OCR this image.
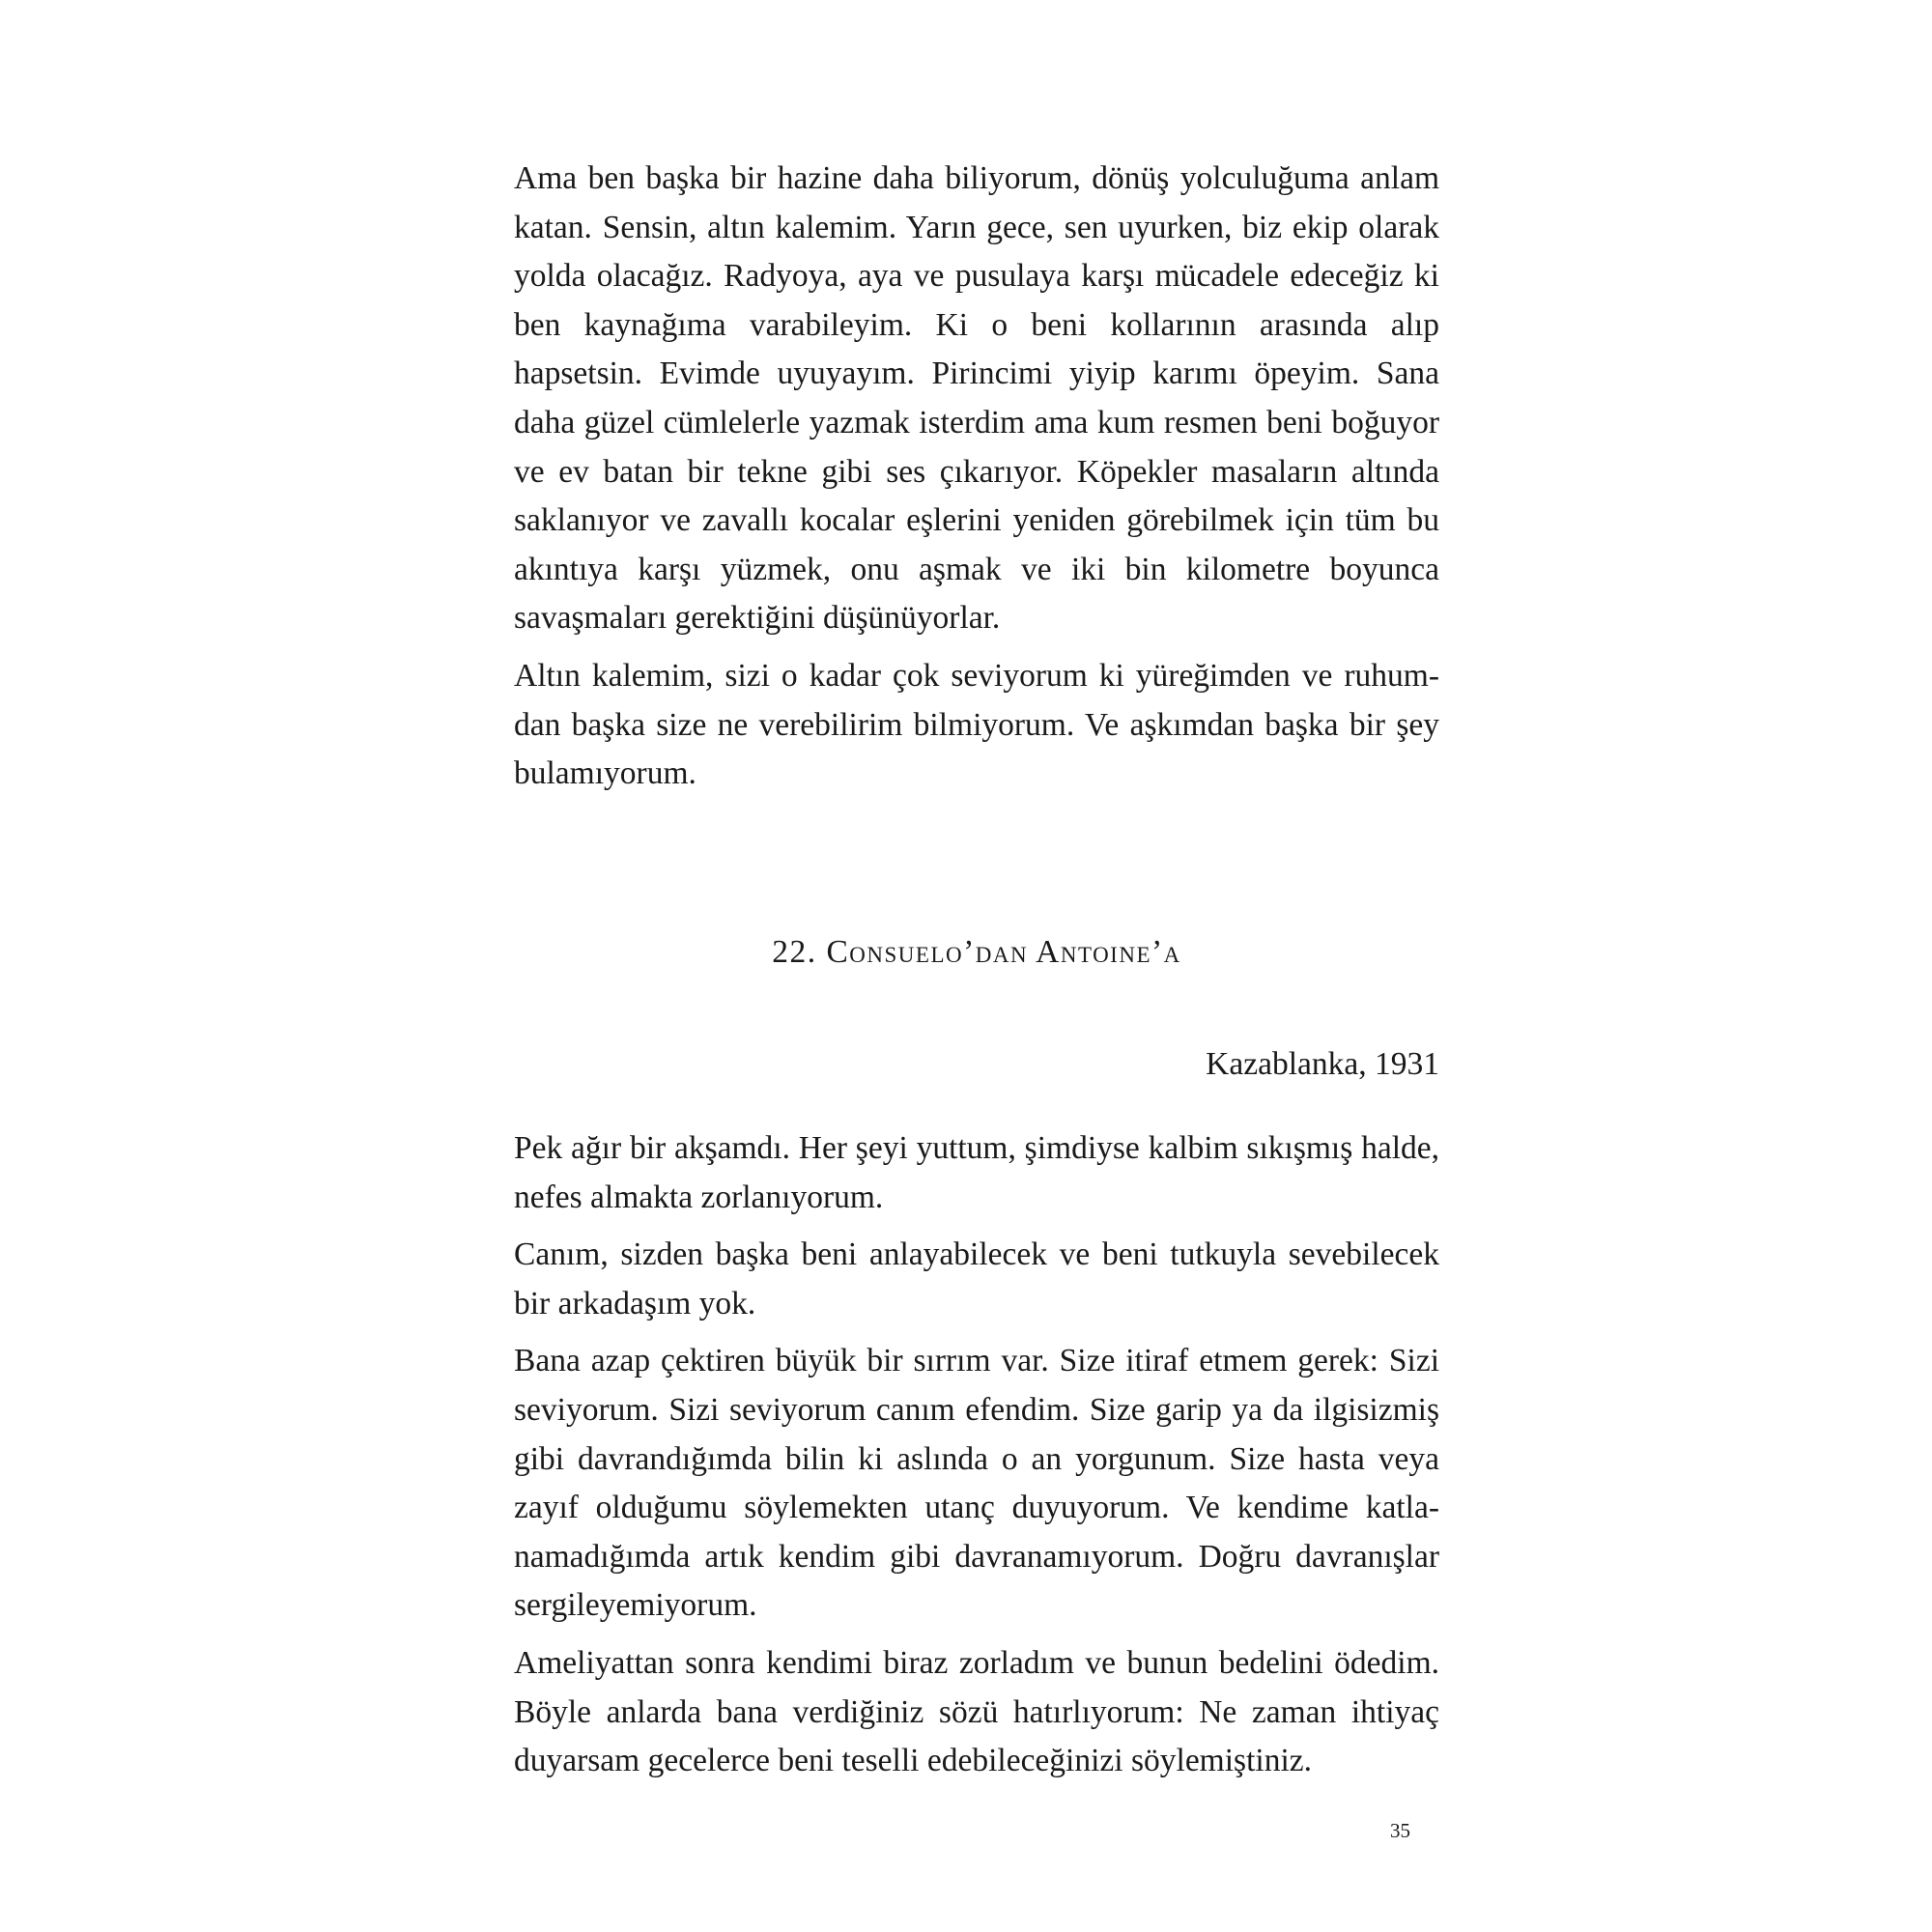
Ama ben başka bir hazine daha biliyorum, dönüş yolculuğuma anlam katan. Sensin, altın kalemim. Yarın gece, sen uyurken, biz ekip olarak yolda olacağız. Radyoya, aya ve pusulaya karşı mücadele edeceğiz ki ben kaynağıma varabileyim. Ki o beni kollarının arasında alıp hapsetsin. Evimde uyuyayım. Pirincimi yiyip karımı öpeyim. Sana daha güzel cümlelerle yazmak isterdim ama kum resmen beni boğuyor ve ev batan bir tekne gibi ses çıkarıyor. Köpekler masaların altında saklanıyor ve zavallı kocalar eşlerini yeniden görebilmek için tüm bu akıntıya karşı yüzmek, onu aşmak ve iki bin kilometre boyunca savaşmaları gerektiğini düşünüyorlar.

Altın kalemim, sizi o kadar çok seviyorum ki yüreğimden ve ruhumdan başka size ne verebilirim bilmiyorum. Ve aşkımdan başka bir şey bulamıyorum.

22. Consuelo’dan Antoine’a
Kazablanka, 1931

Pek ağır bir akşamdı. Her şeyi yuttum, şimdiyse kalbim sıkışmış halde, nefes almakta zorlanıyorum.

Canım, sizden başka beni anlayabilecek ve beni tutkuyla sevebilecek bir arkadaşım yok.

Bana azap çektiren büyük bir sırrım var. Size itiraf etmem gerek: Sizi seviyorum. Sizi seviyorum canım efendim. Size garip ya da ilgisizmiş gibi davrandığımda bilin ki aslında o an yorgunum. Size hasta veya zayıf olduğumu söylemekten utanç duyuyorum. Ve kendime katlanamadığımda artık kendim gibi davranamıyorum. Doğru davranışlar sergileyemiyorum.

Ameliyattan sonra kendimi biraz zorladım ve bunun bedelini ödedim. Böyle anlarda bana verdiğiniz sözü hatırlıyorum: Ne zaman ihtiyaç duyarsam gecelerce beni teselli edebileceğinizi söylemiştiniz.

35
